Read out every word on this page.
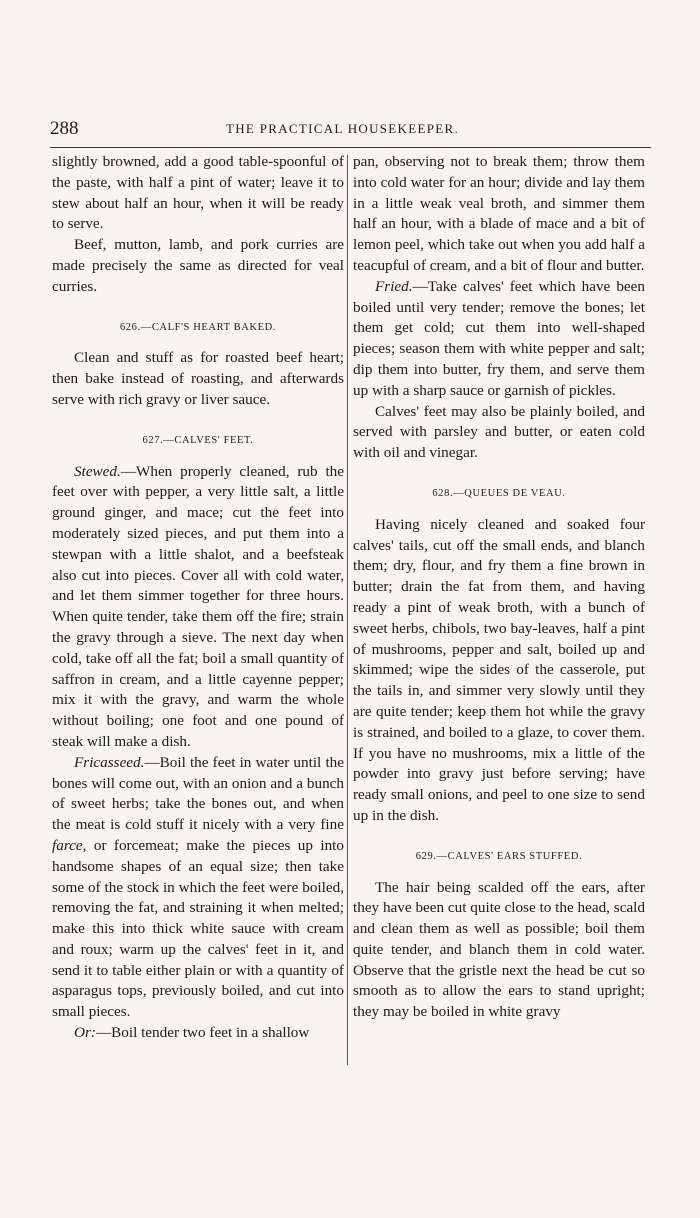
288	THE PRACTICAL HOUSEKEEPER.

slightly browned, add a good table-spoonful of the paste, with half a pint of water; leave it to stew about half an hour, when it will be ready to serve.

Beef, mutton, lamb, and pork curries are made precisely the same as directed for veal curries.

626.—CALF'S HEART BAKED.

Clean and stuff as for roasted beef heart; then bake instead of roasting, and afterwards serve with rich gravy or liver sauce.

627.—CALVES' FEET.

Stewed.—When properly cleaned, rub the feet over with pepper, a very little salt, a little ground ginger, and mace; cut the feet into moderately sized pieces, and put them into a stewpan with a little shalot, and a beefsteak also cut into pieces. Cover all with cold water, and let them simmer together for three hours. When quite tender, take them off the fire; strain the gravy through a sieve. The next day when cold, take off all the fat; boil a small quantity of saffron in cream, and a little cayenne pepper; mix it with the gravy, and warm the whole without boiling; one foot and one pound of steak will make a dish.

Fricasseed.—Boil the feet in water until the bones will come out, with an onion and a bunch of sweet herbs; take the bones out, and when the meat is cold stuff it nicely with a very fine farce, or forcemeat; make the pieces up into handsome shapes of an equal size; then take some of the stock in which the feet were boiled, removing the fat, and straining it when melted; make this into thick white sauce with cream and roux; warm up the calves' feet in it, and send it to table either plain or with a quantity of asparagus tops, previously boiled, and cut into small pieces.

Or:—Boil tender two feet in a shallow

pan, observing not to break them; throw them into cold water for an hour; divide and lay them in a little weak veal broth, and simmer them half an hour, with a blade of mace and a bit of lemon peel, which take out when you add half a teacupful of cream, and a bit of flour and butter.

Fried.—Take calves' feet which have been boiled until very tender; remove the bones; let them get cold; cut them into well-shaped pieces; season them with white pepper and salt; dip them into butter, fry them, and serve them up with a sharp sauce or garnish of pickles.

Calves' feet may also be plainly boiled, and served with parsley and butter, or eaten cold with oil and vinegar.

628.—QUEUES DE VEAU.

Having nicely cleaned and soaked four calves' tails, cut off the small ends, and blanch them; dry, flour, and fry them a fine brown in butter; drain the fat from them, and having ready a pint of weak broth, with a bunch of sweet herbs, chibols, two bay-leaves, half a pint of mushrooms, pepper and salt, boiled up and skimmed; wipe the sides of the casserole, put the tails in, and simmer very slowly until they are quite tender; keep them hot while the gravy is strained, and boiled to a glaze, to cover them. If you have no mushrooms, mix a little of the powder into gravy just before serving; have ready small onions, and peel to one size to send up in the dish.

629.—CALVES' EARS STUFFED.

The hair being scalded off the ears, after they have been cut quite close to the head, scald and clean them as well as possible; boil them quite tender, and blanch them in cold water. Observe that the gristle next the head be cut so smooth as to allow the ears to stand upright; they may be boiled in white gravy
